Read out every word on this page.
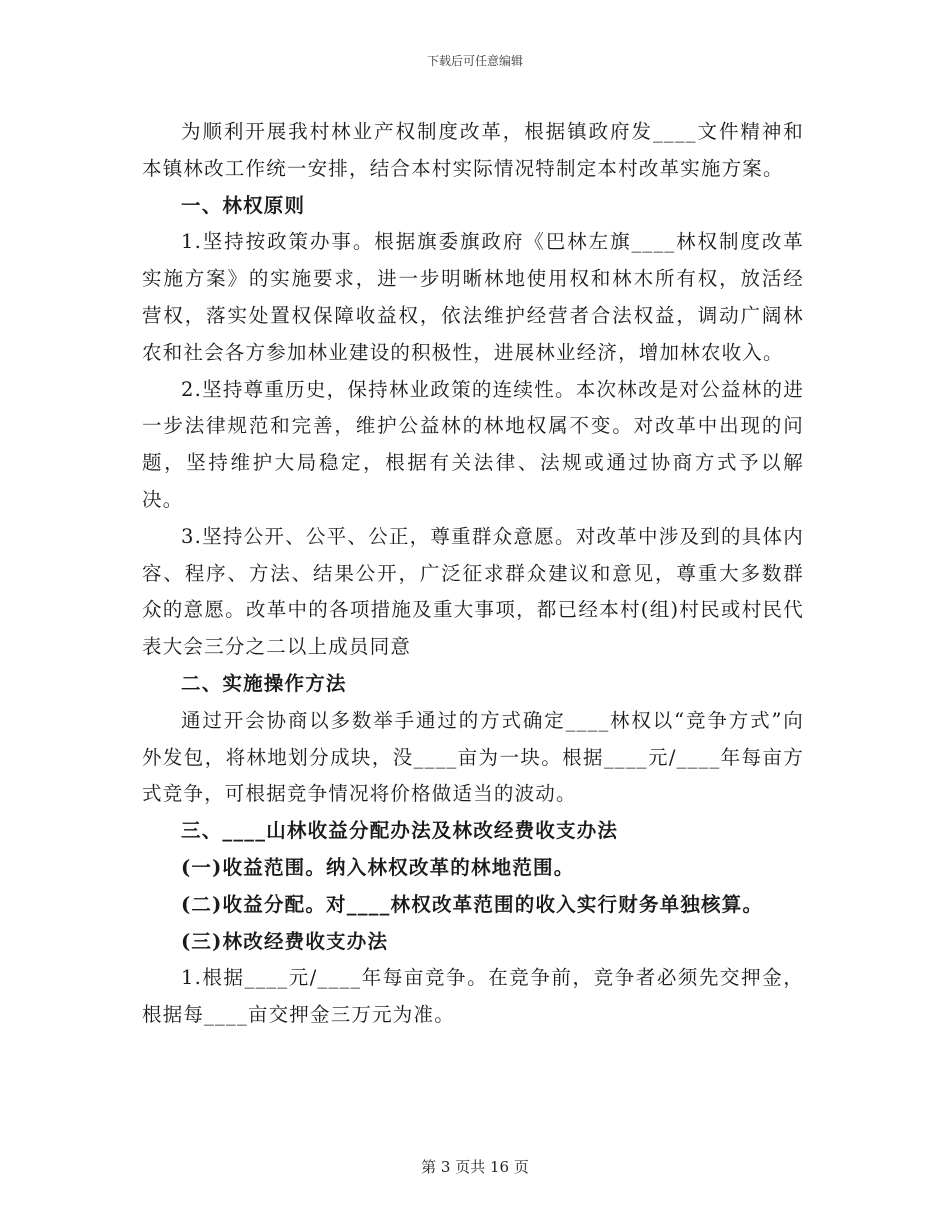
下载后可任意编辑

为顺利开展我村林业产权制度改革，根据镇政府发____文件精神和本镇林改工作统一安排，结合本村实际情况特制定本村改革实施方案。

一、林权原则

1.坚持按政策办事。根据旗委旗政府《巴林左旗____林权制度改革实施方案》的实施要求，进一步明晰林地使用权和林木所有权，放活经营权，落实处置权保障收益权，依法维护经营者合法权益，调动广阔林农和社会各方参加林业建设的积极性，进展林业经济，增加林农收入。

2.坚持尊重历史，保持林业政策的连续性。本次林改是对公益林的进一步法律规范和完善，维护公益林的林地权属不变。对改革中出现的问题，坚持维护大局稳定，根据有关法律、法规或通过协商方式予以解决。

3.坚持公开、公平、公正，尊重群众意愿。对改革中涉及到的具体内容、程序、方法、结果公开，广泛征求群众建议和意见，尊重大多数群众的意愿。改革中的各项措施及重大事项，都已经本村(组)村民或村民代表大会三分之二以上成员同意

二、实施操作方法

通过开会协商以多数举手通过的方式确定____林权以“竞争方式”向外发包，将林地划分成块，没____亩为一块。根据____元/____年每亩方式竞争，可根据竞争情况将价格做适当的波动。

三、____山林收益分配办法及林改经费收支办法

(一)收益范围。纳入林权改革的林地范围。

(二)收益分配。对____林权改革范围的收入实行财务单独核算。

(三)林改经费收支办法

1.根据____元/____年每亩竞争。在竞争前，竞争者必须先交押金，根据每____亩交押金三万元为准。

第 3 页共 16 页
